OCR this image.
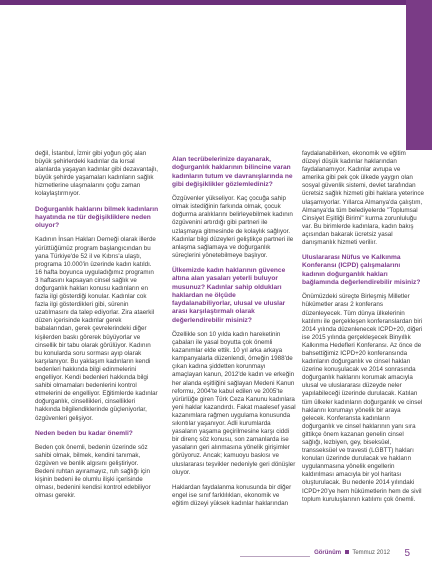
değil, İstanbul, İzmir gibi yoğun göç alan büyük şehirlerdeki kadınlar da kırsal alanlarda yaşayan kadınlar gibi dezavantajlı, büyük şehirde yaşamaları kadınların sağlık hizmetlerine ulaşmalarını çoğu zaman kolaylaştırmıyor.

Doğurganlık haklarını bilmek kadınların hayatında ne tür değişikliklere neden oluyor?

Kadının İnsan Hakları Derneği olarak illerde yürüttüğümüz program başlangıcından bu yana Türkiye'de 52 il ve Kıbrıs'a ulaştı, programa 10.000'in üzerinde kadın katıldı. 16 hafta boyunca uyguladığımız programın 3 haftasını kapsayan cinsel sağlık ve doğurganlık hakları konusu kadınların en fazla ilgi gösterdiği konular. Kadınlar cok fazla ilgi gösterdikleri gibi, sürenin uzatılmasını da talep ediyorlar. Zira ataerkil düzen içerisinde kadınlar gerek babalarından, gerek çevrelerindeki diğer kişilerden baskı görerek büyüyorlar ve cinsellik bir tabu olarak görülüyor. Kadının bu konularda soru sorması ayıp olarak karşılanıyor. Bu yaklaşım kadınların kendi bedenleri hakkında bilgi edinmelerini engelliyor. Kendi bedenleri hakkında bilgi sahibi olmamaları bedenlerini kontrol etmelerini de engelliyor. Eğitimlerde kadınlar doğurganlık, cinsellikleri, cinsellikleri hakkında bilgilendiklerinde güçleniyorlar, özgüvenleri gelişiyor.

Neden beden bu kadar önemli?

Beden çok önemli, bedenin üzerinde söz sahibi olmak, bilmek, kendini tanımak, özgüven ve benlik algısını geliştiriyor. Bedeni ruhtan ayıramayız, ruh sağlığı için kişinin bedeni ile olumlu ilişki içerisinde olması, bedenini kendisi kontrol edebiliyor olması gerekir.

Alan tecrübelerinize dayanarak, doğurganlık haklarının bilincine varan kadınların tutum ve davranışlarında ne gibi değişiklikler gözlemlediniz?

Özgüvenler yükseliyor. Kaç çocuğa sahip olmak istediğinin farkında olmak, çocuk doğurma aralıklarını belirleyebilmek kadının özgüvenini artırdığı gibi partneri ile uzlaşmaya gitmesinde de kolaylık sağlıyor. Kadınlar bilgi düzeyleri geliştikçe partneri ile anlaşma sağlamaya ve doğurganlık süreçlerini yönetebilmeye başlıyor.

Ülkemizde kadın haklarının güvence altına alan yasaları yeterli buluyor musunuz? Kadınlar sahip oldukları haklardan ne ölçüde faydalanabiliyorlar, ulusal ve uluslar arası karşılaştırmalı olarak değerlendirebilir misiniz?

Özellikle son 10 yılda kadın hareketinin çabaları ile yasal boyutta çok önemli kazanımlar elde ettik. 10 yıl arka arkaya kampanyalarla düzenlendi, örneğin 1988'de çıkan kadına şiddetten korunmayı amaçlayan kanun, 2012'de kadın ve erkeğin her alanda eşitliğini sağlayan Medeni Kanun reformu, 2004'te kabul edilen ve 2005'te yürürlüğe giren Türk Ceza Kanunu kadınlara yeni haklar kazandırdı. Fakat maalesef yasal kazanımlara rağmen uygulama konusunda sıkıntılar yaşanıyor. Adli kurumlarda yasaların yaşama geçirilmesine karşı ciddi bir direnç söz konusu, son zamanlarda ise yasaların geri alınmasına yönelik girişimler görüyoruz. Ancak; kamuoyu baskısı ve uluslararası teşvikler nedeniyle geri dönüşler oluyor.

Haklardan faydalanma konusunda bir diğer engel ise sınıf farklılıkları, ekonomik ve eğitim düzeyi yüksek kadınlar haklarından

faydalanabilirken, ekonomik ve eğitim düzeyi düşük kadınlar haklarından faydalanamıyor. Kadınlar avrupa ve amerika gibi pek çok ülkede yaygın olan sosyal güvenlik sistemi, devlet tarafından ücretsiz sağlık hizmeti gibi haklara yeterince ulaşamıyorlar. Yıllarca Almanya'da çalıştım, Almanya'da tüm belediyelerde "Toplumsal Cinsiyet Eşitliği Birimi" kurma zorunluluğu var. Bu birimlerde kadınlara, kadın bakış açısından bakarak ücretsiz yasal danışmanlık hizmeti veriliır.

Uluslararası Nüfus ve Kalkınma Konferansı (ICPD) çalışmalarını kadının doğurganlık hakları bağlamında değerlendirebilir misiniz?

Önümüzdeki süreçte Birleşmiş Milletler hükümetler arası 2 konferans düzenleyecek. Tüm dünya ülkelerinin katılımı ile gerçekleşen konferanslardan biri 2014 yılında düzenlenecek ICPD+20, diğeri ise 2015 yılında gerçekleşecek Binyıllık Kalkınma Hedefleri Konferansı. Az önce de bahsettiğimiz ICPD+20 konferansında kadınların doğurganlık ve cinsel hakları üzerine konuşulacak ve 2014 sonrasında doğurganlık haklarını korumak amacıyla ulusal ve uluslararası düzeyde neler yapılabileceği üzerinde durulacak. Katılan tüm ülkeler kadınların doğurganlık ve cinsel haklarını korumayı yönelik bir araya gelecek. Konferansta kadınların doğurganlık ve cinsel haklarının yanı sıra gittikçe önem kazanan genelin cinsel sağlığı, lezbiyen, gey, biseksüel, transseksüel ve travesti (LGBTT) hakları konuları üzerinde durulacak ve hakların uygulanmasına yönelik engellerin kaldırılması amacıyla bir yol haritası oluşturulacak. Bu nedenle 2014 yılındaki ICPD+20'ye hem hükümetlerin hem de sivil toplum kuruluşlarının katılımı çok önemli.

Görünüm Temmuz 2012 5
